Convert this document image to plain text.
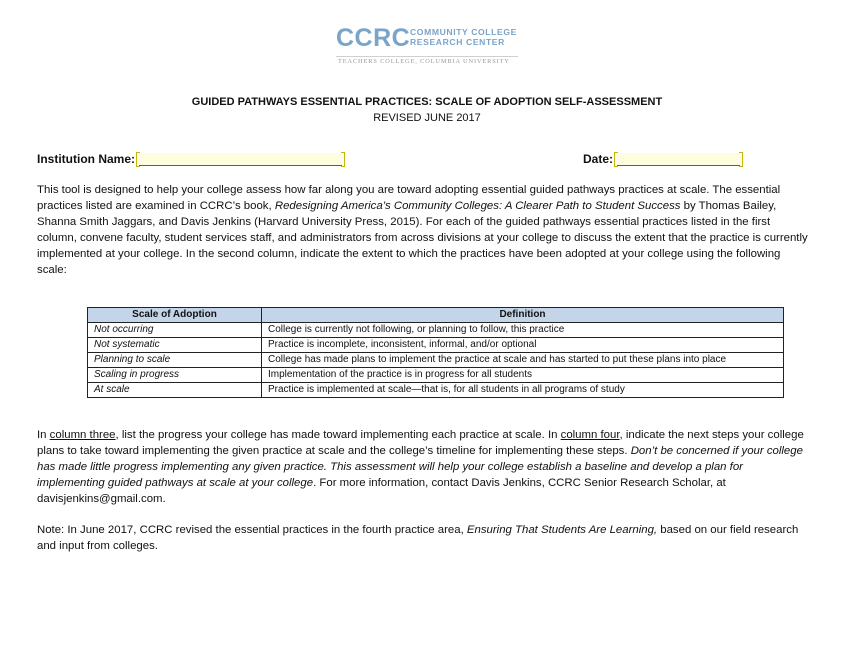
CCRC COMMUNITY COLLEGE
RESEARCH CENTER
TEACHERS COLLEGE, COLUMBIA UNIVERSITY
GUIDED PATHWAYS ESSENTIAL PRACTICES: SCALE OF ADOPTION SELF-ASSESSMENT
REVISED JUNE 2017
Institution Name:	Date:

This tool is designed to help your college assess how far along you are toward adopting essential guided pathways practices at scale. The essential practices listed are examined in CCRC’s book, Redesigning America’s Community Colleges: A Clearer Path to Student Success by Thomas Bailey, Shanna Smith Jaggars, and Davis Jenkins (Harvard University Press, 2015). For each of the guided pathways essential practices listed in the first column, convene faculty, student services staff, and administrators from across divisions at your college to discuss the extent that the practice is currently implemented at your college. In the second column, indicate the extent to which the practices have been adopted at your college using the following scale:

Scale of Adoption	Definition
Not occurring	College is currently not following, or planning to follow, this practice
Not systematic	Practice is incomplete, inconsistent, informal, and/or optional
Planning to scale	College has made plans to implement the practice at scale and has started to put these plans into place
Scaling in progress	Implementation of the practice is in progress for all students
At scale	Practice is implemented at scale—that is, for all students in all programs of study

In column three, list the progress your college has made toward implementing each practice at scale. In column four, indicate the next steps your college plans to take toward implementing the given practice at scale and the college’s timeline for implementing these steps. Don’t be concerned if your college has made little progress implementing any given practice. This assessment will help your college establish a baseline and develop a plan for implementing guided pathways at scale at your college. For more information, contact Davis Jenkins, CCRC Senior Research Scholar, at davisjenkins@gmail.com.

Note: In June 2017, CCRC revised the essential practices in the fourth practice area, Ensuring That Students Are Learning, based on our field research and input from colleges.
